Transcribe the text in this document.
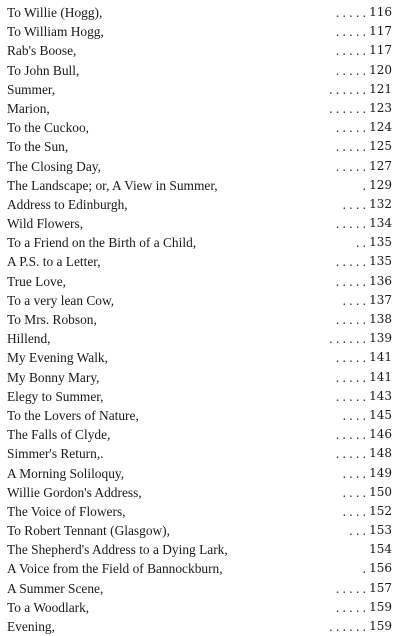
To Willie (Hogg),	. . . . . 116
To William Hogg,	. . . . . 117
Rab's Boose,	. . . . . 117
To John Bull,	. . . . . 120
Summer,	. . . . . . 121
Marion,	. . . . . . 123
To the Cuckoo,	. . . . . 124
To the Sun,	. . . . . 125
The Closing Day,	. . . . . 127
The Landscape; or, A View in Summer,	. 129
Address to Edinburgh,	. . . . 132
Wild Flowers,	. . . . . 134
To a Friend on the Birth of a Child,	. . 135
A P.S. to a Letter,	. . . . . 135
True Love,	. . . . . 136
To a very lean Cow,	. . . . 137
To Mrs. Robson,	. . . . . 138
Hillend,	. . . . . . 139
My Evening Walk,	. . . . . 141
My Bonny Mary,	. . . . . 141
Elegy to Summer,	. . . . . 143
To the Lovers of Nature,	. . . . 145
The Falls of Clyde,	. . . . . 146
Simmer's Return,.	. . . . . 148
A Morning Soliloquy,	. . . . 149
Willie Gordon's Address,	. . . . 150
The Voice of Flowers,	. . . . 152
To Robert Tennant (Glasgow),	. . . 153
The Shepherd's Address to a Dying Lark,	154
A Voice from the Field of Bannockburn,	. 156
A Summer Scene,	. . . . . 157
To a Woodlark,	. . . . . 159
Evening,	. . . . . . 159
